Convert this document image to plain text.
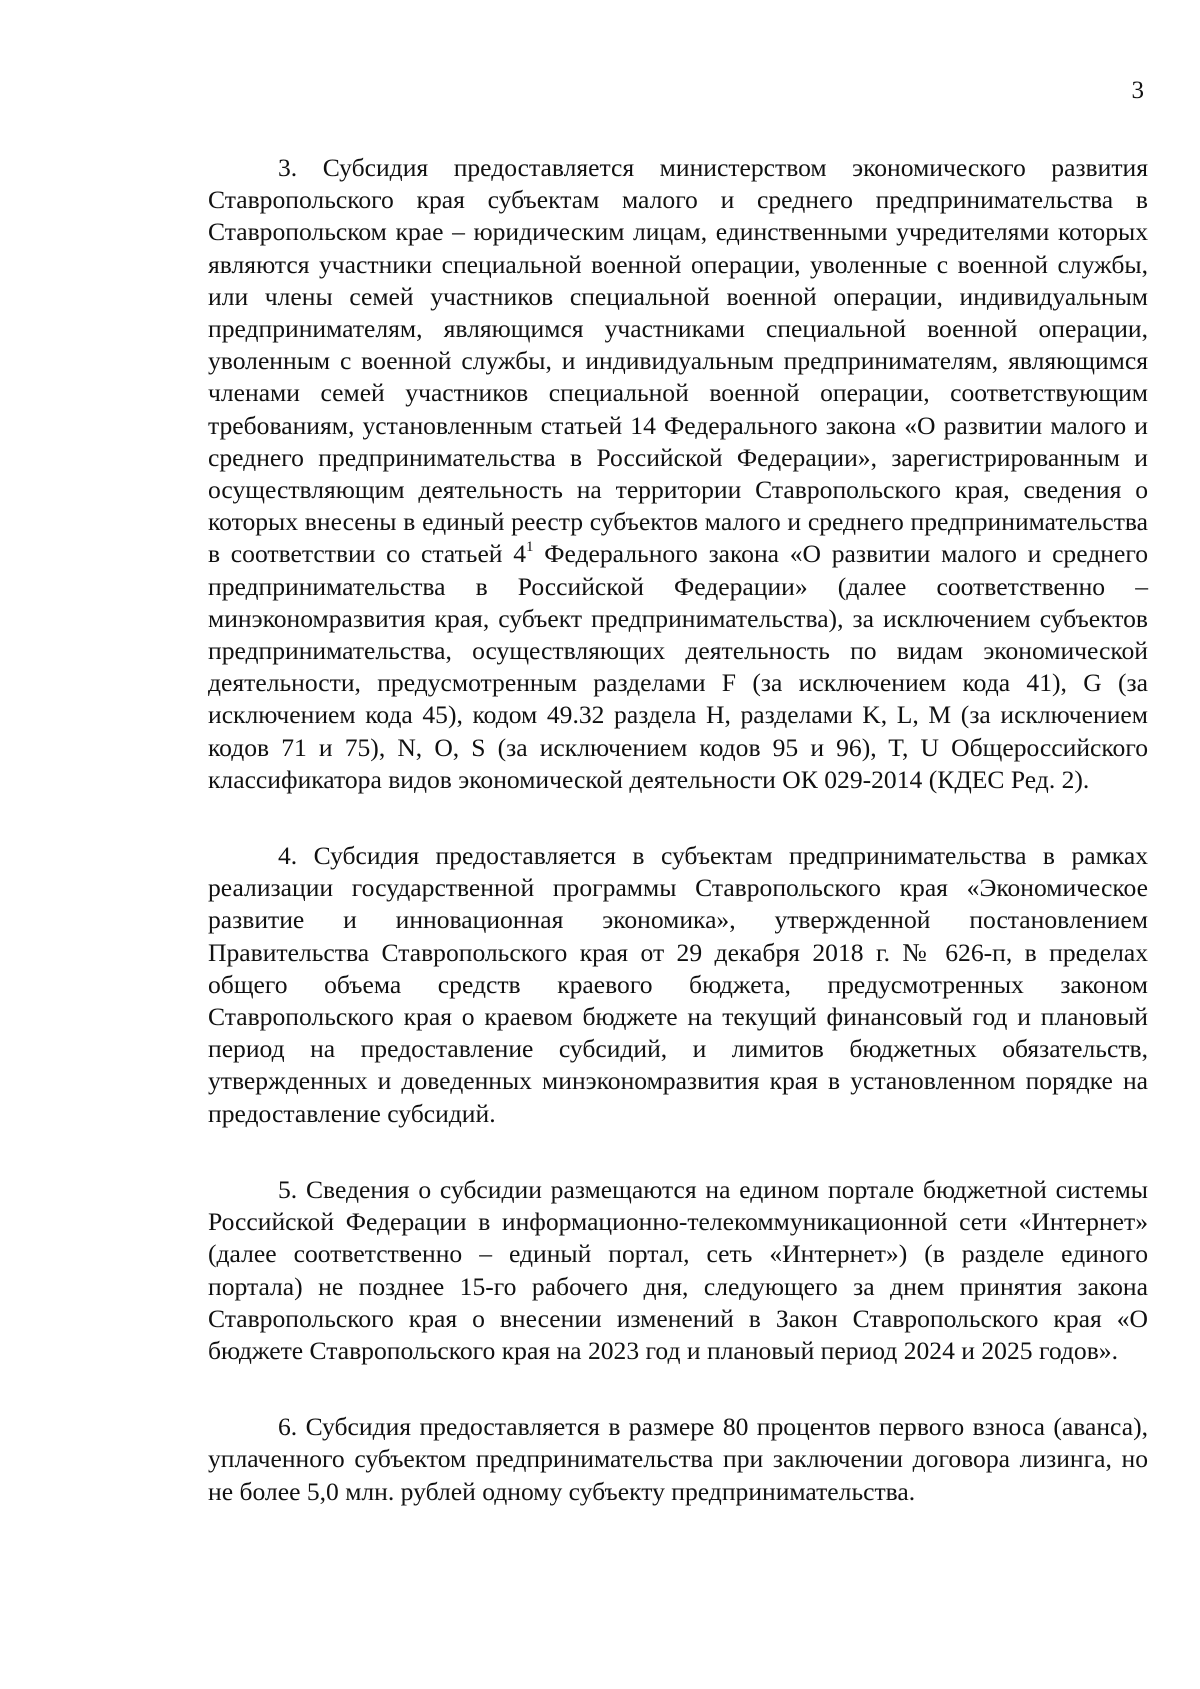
3

3. Субсидия предоставляется министерством экономического развития Ставропольского края субъектам малого и среднего предпринимательства в Ставропольском крае – юридическим лицам, единственными учредителями которых являются участники специальной военной операции, уволенные с военной службы, или члены семей участников специальной военной операции, индивидуальным предпринимателям, являющимся участниками специальной военной операции, уволенным с военной службы, и индивидуальным предпринимателям, являющимся членами семей участников специальной военной операции, соответствующим требованиям, установленным статьей 14 Федерального закона «О развитии малого и среднего предпринимательства в Российской Федерации», зарегистрированным и осуществляющим деятельность на территории Ставропольского края, сведения о которых внесены в единый реестр субъектов малого и среднего предпринимательства в соответствии со статьей $4^1$ Федерального закона «О развитии малого и среднего предпринимательства в Российской Федерации» (далее соответственно – минэкономразвития края, субъект предпринимательства), за исключением субъектов предпринимательства, осуществляющих деятельность по видам экономической деятельности, предусмотренным разделами F (за исключением кода 41), G (за исключением кода 45), кодом 49.32 раздела H, разделами K, L, M (за исключением кодов 71 и 75), N, O, S (за исключением кодов 95 и 96), T, U Общероссийского классификатора видов экономической деятельности ОК 029-2014 (КДЕС Ред. 2).

4. Субсидия предоставляется в субъектам предпринимательства в рамках реализации государственной программы Ставропольского края «Экономическое развитие и инновационная экономика», утвержденной постановлением Правительства Ставропольского края от 29 декабря 2018 г. № 626-п, в пределах общего объема средств краевого бюджета, предусмотренных законом Ставропольского края о краевом бюджете на текущий финансовый год и плановый период на предоставление субсидий, и лимитов бюджетных обязательств, утвержденных и доведенных минэкономразвития края в установленном порядке на предоставление субсидий.

5. Сведения о субсидии размещаются на едином портале бюджетной системы Российской Федерации в информационно-телекоммуникационной сети «Интернет» (далее соответственно – единый портал, сеть «Интернет») (в разделе единого портала) не позднее 15-го рабочего дня, следующего за днем принятия закона Ставропольского края о внесении изменений в Закон Ставропольского края «О бюджете Ставропольского края на 2023 год и плановый период 2024 и 2025 годов».

6. Субсидия предоставляется в размере 80 процентов первого взноса (аванса), уплаченного субъектом предпринимательства при заключении договора лизинга, но не более 5,0 млн. рублей одному субъекту предпринимательства.
